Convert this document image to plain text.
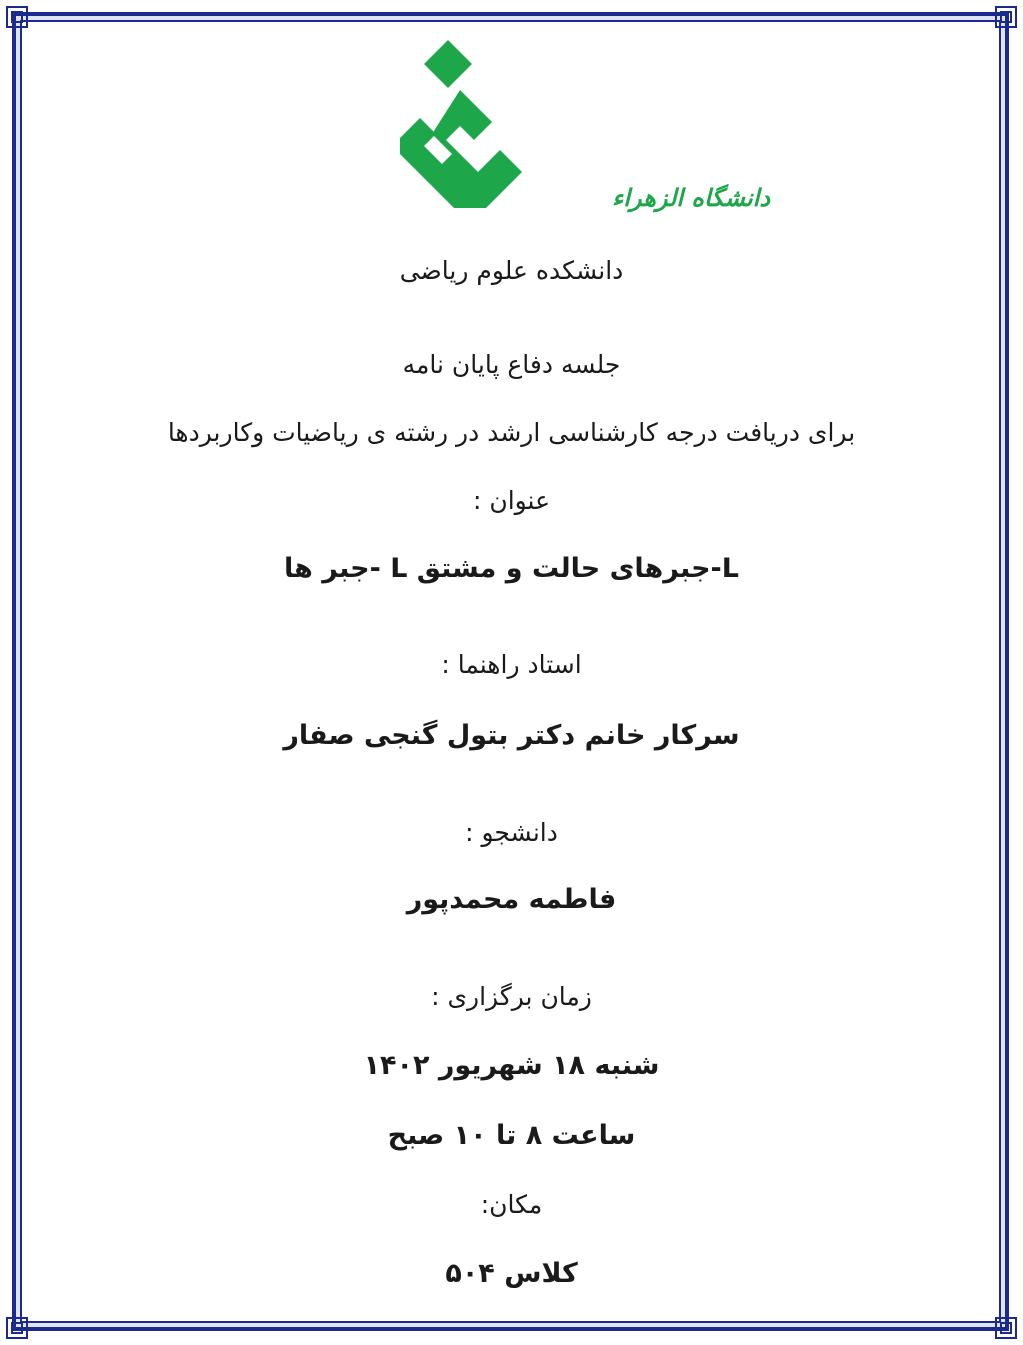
دانشگاه الزهراء
دانشکده علوم ریاضی
جلسه دفاع پایان نامه
برای دریافت درجه کارشناسی ارشد در رشته ی ریاضیات وکاربردها
عنوان :
L-جبرهای حالت و مشتق L -جبر ها
استاد راهنما :
سرکار خانم دکتر بتول گنجی صفار
دانشجو :
فاطمه محمدپور
زمان برگزاری :
شنبه ۱۸ شهریور ۱۴۰۲
ساعت ۸ تا ۱۰ صبح
مکان:
کلاس ۵۰۴
